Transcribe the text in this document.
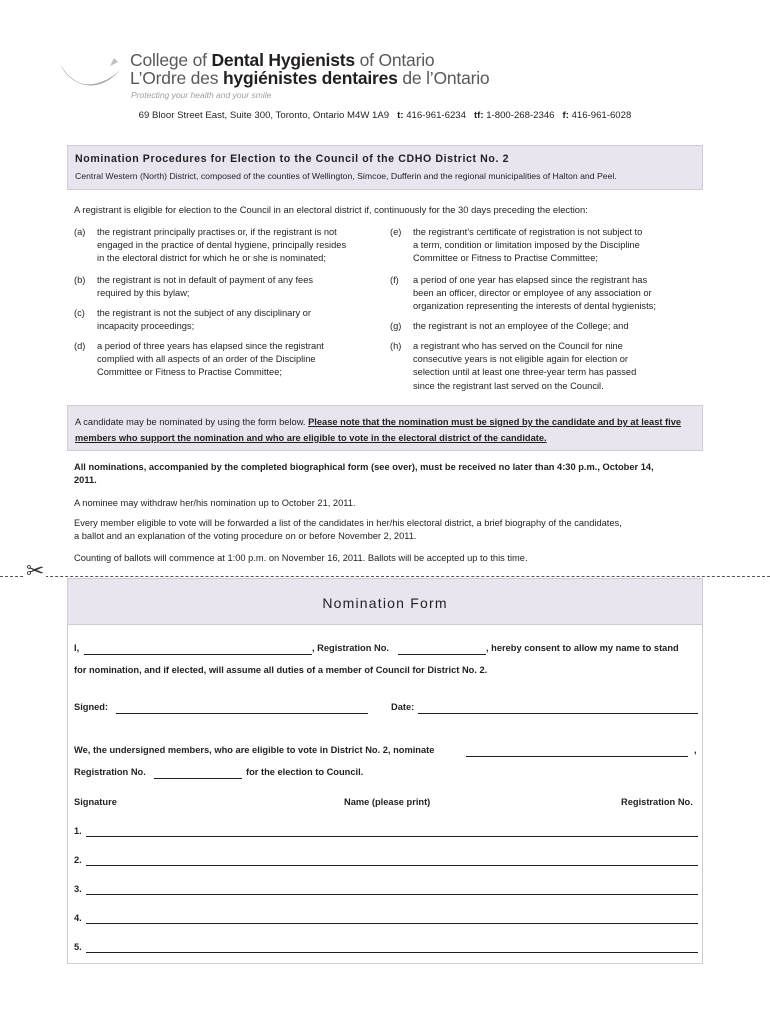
College of Dental Hygienists of Ontario
L’Ordre des hygiénistes dentaires de l’Ontario
Protecting your health and your smile
69 Bloor Street East, Suite 300, Toronto, Ontario M4W 1A9 t: 416-961-6234 tf: 1-800-268-2346 f: 416-961-6028
Nomination Procedures for Election to the Council of the CDHO District No. 2
Central Western (North) District, composed of the counties of Wellington, Simcoe, Dufferin and the regional municipalities of Halton and Peel.
A registrant is eligible for election to the Council in an electoral district if, continuously for the 30 days preceding the election:
(a) the registrant principally practises or, if the registrant is not
engaged in the practice of dental hygiene, principally resides
in the electoral district for which he or she is nominated;
(b) the registrant is not in default of payment of any fees
required by this bylaw;
(c) the registrant is not the subject of any disciplinary or
incapacity proceedings;
(d) a period of three years has elapsed since the registrant
complied with all aspects of an order of the Discipline
Committee or Fitness to Practise Committee;
(e) the registrant’s certificate of registration is not subject to
a term, condition or limitation imposed by the Discipline
Committee or Fitness to Practise Committee;
(f) a period of one year has elapsed since the registrant has
been an officer, director or employee of any association or
organization representing the interests of dental hygienists;
(g) the registrant is not an employee of the College; and
(h) a registrant who has served on the Council for nine
consecutive years is not eligible again for election or
selection until at least one three-year term has passed
since the registrant last served on the Council.
A candidate may be nominated by using the form below. Please note that the nomination must be signed by the candidate and by at least five members who support the nomination and who are eligible to vote in the electoral district of the candidate.
All nominations, accompanied by the completed biographical form (see over), must be received no later than 4:30 p.m., October 14,
2011.
A nominee may withdraw her/his nomination up to October 21, 2011.
Every member eligible to vote will be forwarded a list of the candidates in her/his electoral district, a brief biography of the candidates,
a ballot and an explanation of the voting procedure on or before November 2, 2011.
Counting of ballots will commence at 1:00 p.m. on November 16, 2011. Ballots will be accepted up to this time.
✂
Nomination Form
I,	, Registration No.	, hereby consent to allow my name to stand
for nomination, and if elected, will assume all duties of a member of Council for District No. 2.
Signed:	Date:
We, the undersigned members, who are eligible to vote in District No. 2, nominate	,
Registration No.	for the election to Council.
Signature	Name (please print)	Registration No.
1.
2.
3.
4.
5.
